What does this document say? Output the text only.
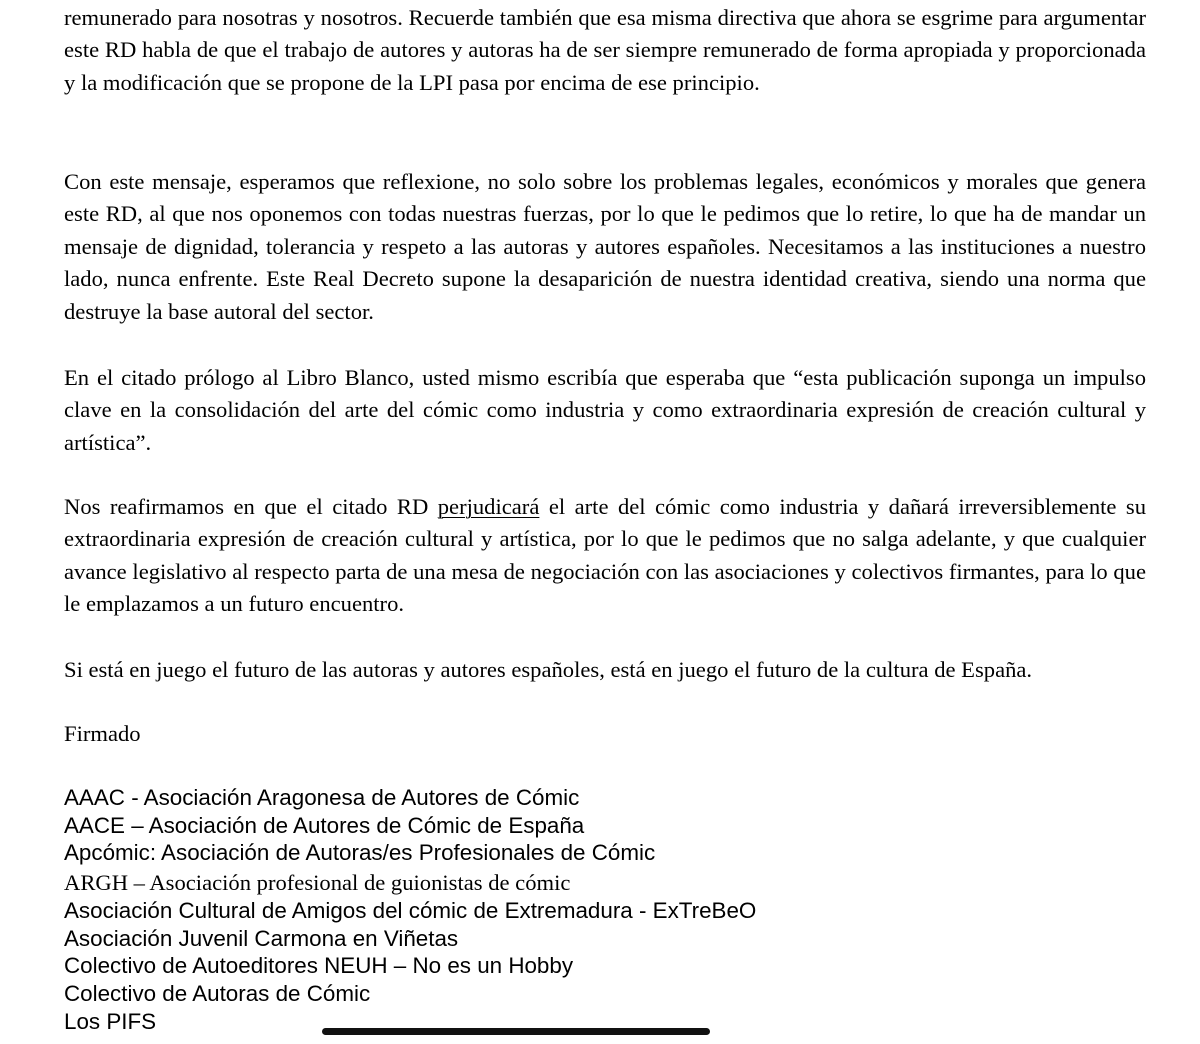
remunerado para nosotras y nosotros. Recuerde también que esa misma directiva que ahora se esgrime para argumentar este RD habla de que el trabajo de autores y autoras ha de ser siempre remunerado de forma apropiada y proporcionada y la modificación que se propone de la LPI pasa por encima de ese principio.

Con este mensaje, esperamos que reflexione, no solo sobre los problemas legales, económicos y morales que genera este RD, al que nos oponemos con todas nuestras fuerzas, por lo que le pedimos que lo retire, lo que ha de mandar un mensaje de dignidad, tolerancia y respeto a las autoras y autores españoles. Necesitamos a las instituciones a nuestro lado, nunca enfrente. Este Real Decreto supone la desaparición de nuestra identidad creativa, siendo una norma que destruye la base autoral del sector.

En el citado prólogo al Libro Blanco, usted mismo escribía que esperaba que “esta publicación suponga un impulso clave en la consolidación del arte del cómic como industria y como extraordinaria expresión de creación cultural y artística”.

Nos reafirmamos en que el citado RD perjudicará el arte del cómic como industria y dañará irreversiblemente su extraordinaria expresión de creación cultural y artística, por lo que le pedimos que no salga adelante, y que cualquier avance legislativo al respecto parta de una mesa de negociación con las asociaciones y colectivos firmantes, para lo que le emplazamos a un futuro encuentro.

Si está en juego el futuro de las autoras y autores españoles, está en juego el futuro de la cultura de España.

Firmado

AAAC - Asociación Aragonesa de Autores de Cómic
AACE – Asociación de Autores de Cómic de España
Apcómic: Asociación de Autoras/es Profesionales de Cómic
ARGH – Asociación profesional de guionistas de cómic
Asociación Cultural de Amigos del cómic de Extremadura - ExTreBeO
Asociación Juvenil Carmona en Viñetas
Colectivo de Autoeditores NEUH – No es un Hobby
Colectivo de Autoras de Cómic
Los PIFS
